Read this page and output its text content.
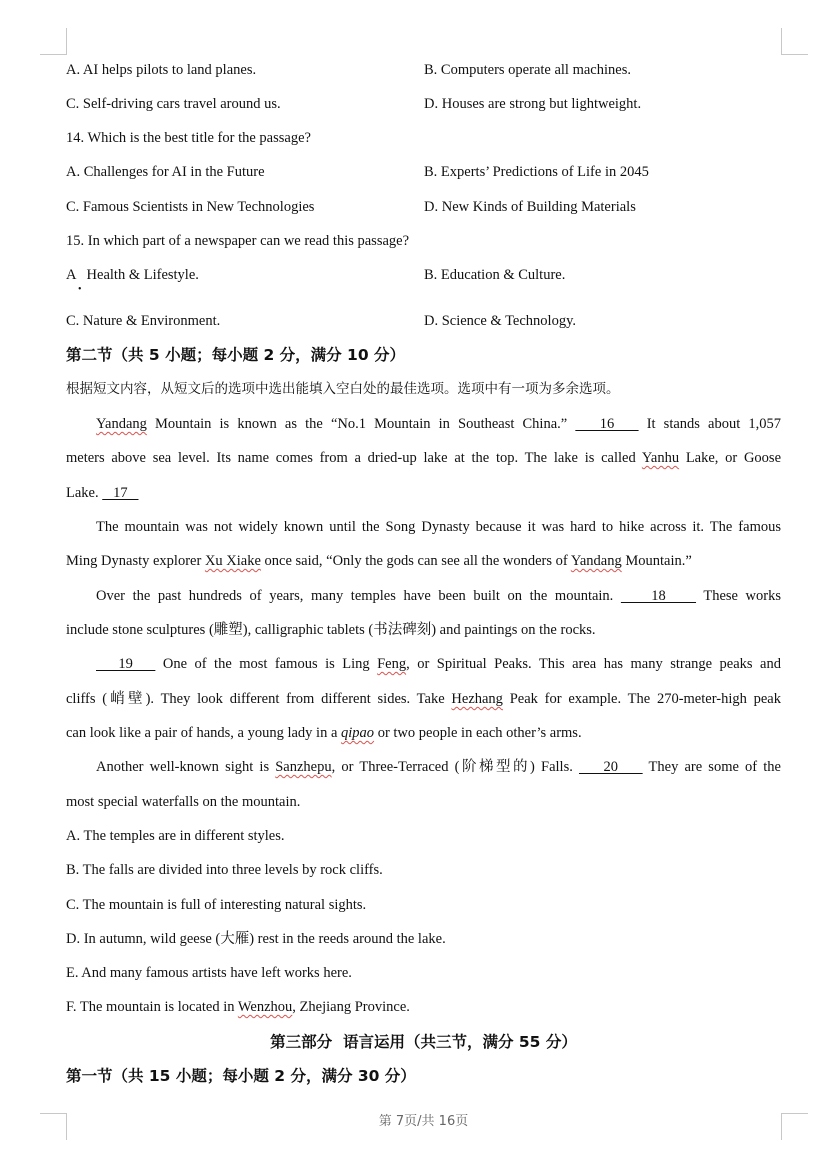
A. AI helps pilots to land planes.	B. Computers operate all machines.
C. Self-driving cars travel around us.	D. Houses are strong but lightweight.
14. Which is the best title for the passage?
A. Challenges for AI in the Future	B. Experts’ Predictions of Life in 2045
C. Famous Scientists in New Technologies	D. New Kinds of Building Materials
15. In which part of a newspaper can we read this passage?
A   Health & Lifestyle.
•
B. Education & Culture.
C. Nature & Environment.	D. Science & Technology.
第二节（共 5 小题；每小题 2 分，满分 10 分）
根据短文内容，从短文后的选项中选出能填入空白处的最佳选项。选项中有一项为多余选项。
Yandang Mountain is known as the “No.1 Mountain in Southeast China.”    16    It stands about 1,057
meters above sea level. Its name comes from a dried-up lake at the top. The lake is called Yanhu Lake, or Goose
Lake.    17
The mountain was not widely known until the Song Dynasty because it was hard to hike across it. The famous
Ming Dynasty explorer Xu Xiake once said, “Only the gods can see all the wonders of Yandang Mountain.”
Over the past hundreds of years, many temples have been built on the mountain.     18     These works
include stone sculptures (雕塑), calligraphic tablets (书法碑刻) and paintings on the rocks.
19    One of the most famous is Ling Feng, or Spiritual Peaks. This area has many strange peaks and
cliffs (峭壁). They look different from different sides. Take Hezhang Peak for example. The 270-meter-high peak
can look like a pair of hands, a young lady in a qipao or two people in each other’s arms.
Another well-known sight is Sanzhepu, or Three-Terraced (阶梯型的) Falls.     20     They are some of the
most special waterfalls on the mountain.
A. The temples are in different styles.
B. The falls are divided into three levels by rock cliffs.
C. The mountain is full of interesting natural sights.
D. In autumn, wild geese (大雁) rest in the reeds around the lake.
E. And many famous artists have left works here.
F. The mountain is located in Wenzhou, Zhejiang Province.
第三部分  语言运用（共三节，满分 55 分）
第一节（共 15 小题；每小题 2 分，满分 30 分）
第 7页/共 16页
